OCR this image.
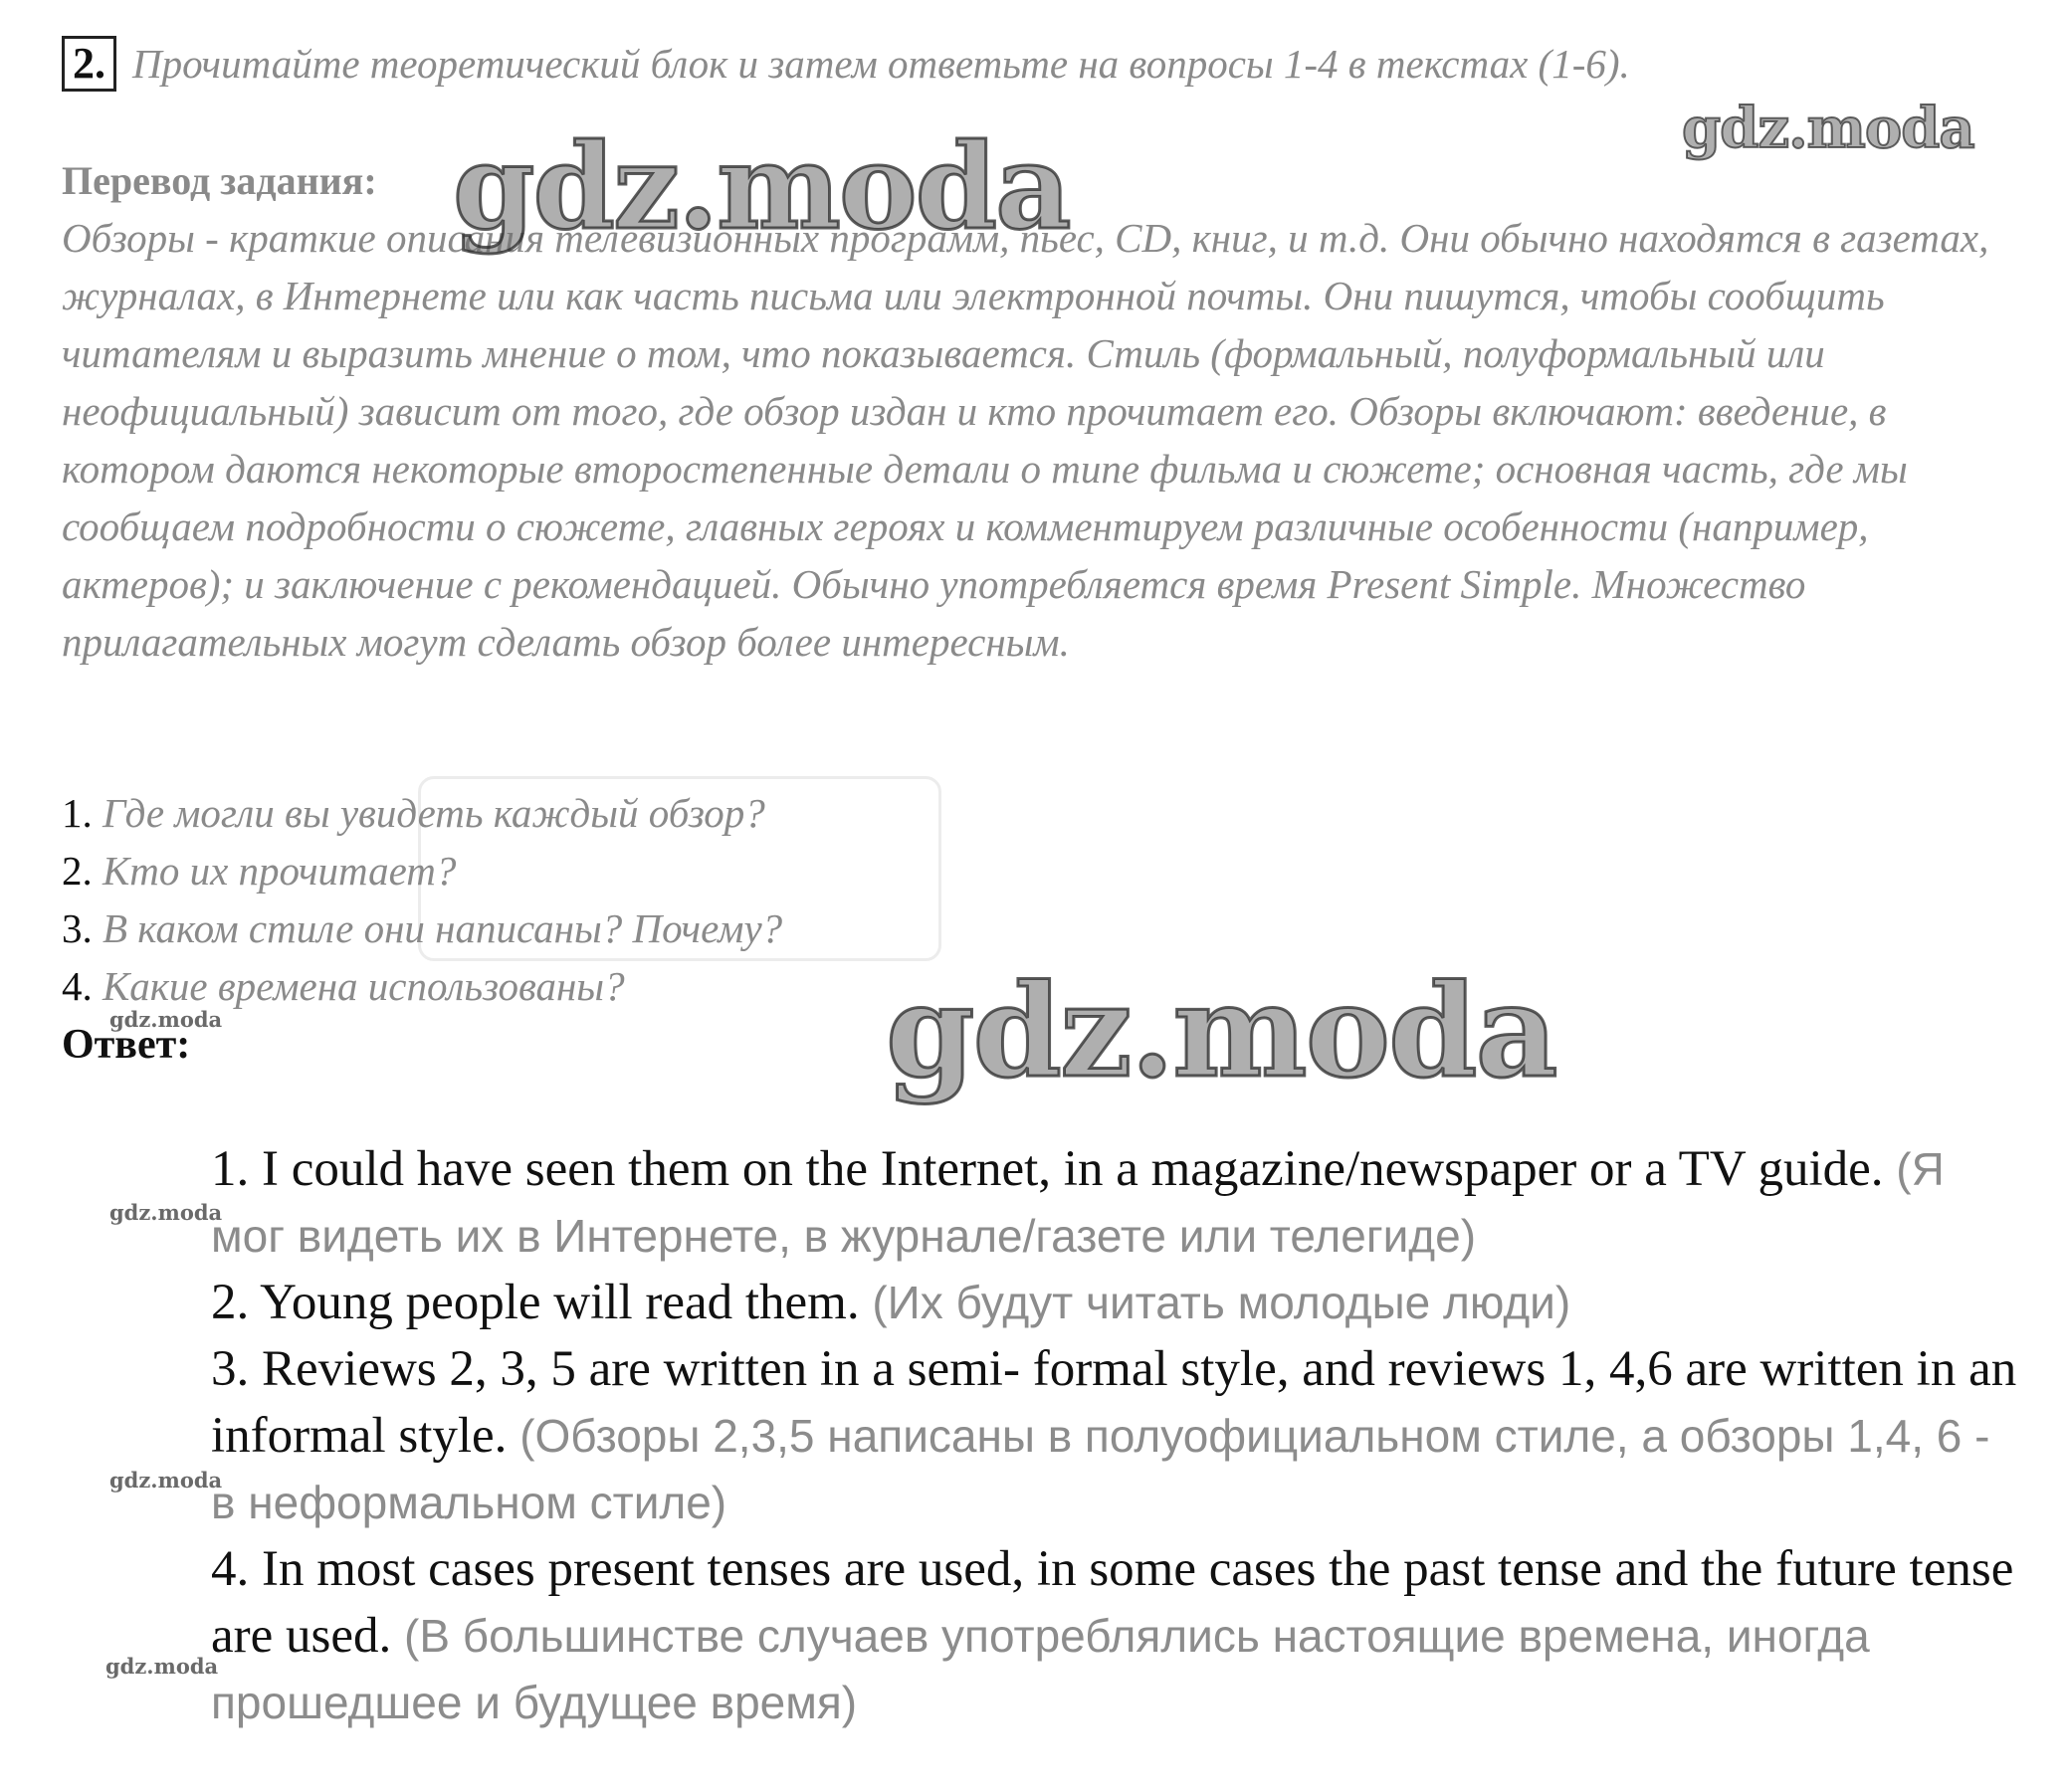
2. Прочитайте теоретический блок и затем ответьте на вопросы 1-4 в текстах (1-6).
Перевод задания:

Обзоры - краткие описания телевизионных программ, пьес, CD, книг, и т.д. Они обычно находятся в газетах, журналах, в Интернете или как часть письма или электронной почты. Они пишутся, чтобы сообщить читателям и выразить мнение о том, что показывается. Стиль (формальный, полуформальный или неофициальный) зависит от того, где обзор издан и кто прочитает его. Обзоры включают: введение, в котором даются некоторые второстепенные детали о типе фильма и сюжете; основная часть, где мы сообщаем подробности о сюжете, главных героях и комментируем различные особенности (например, актеров); и заключение с рекомендацией. Обычно употребляется время Present Simple. Множество прилагательных могут сделать обзор более интересным.

1. Где могли вы увидеть каждый обзор?
2. Кто их прочитает?
3. В каком стиле они написаны? Почему?
4. Какие времена использованы?
Ответ:
1. I could have seen them on the Internet, in a magazine/newspaper or a TV guide. (Я мог видеть их в Интернете, в журнале/газете или телегиде)
2. Young people will read them. (Их будут читать молодые люди)
3. Reviews 2, 3, 5 are written in a semi- formal style, and reviews 1, 4,6 are written in an informal style. (Обзоры 2,3,5 написаны в полуофициальном стиле, а обзоры 1,4, 6 - в неформальном стиле)
4. In most cases present tenses are used, in some cases the past tense and the future tense are used. (В большинстве случаев употреблялись настоящие времена, иногда прошедшее и будущее время)
gdz.moda
gdz.moda
gdz.moda
gdz.moda
gdz.moda
gdz.moda
gdz.moda
